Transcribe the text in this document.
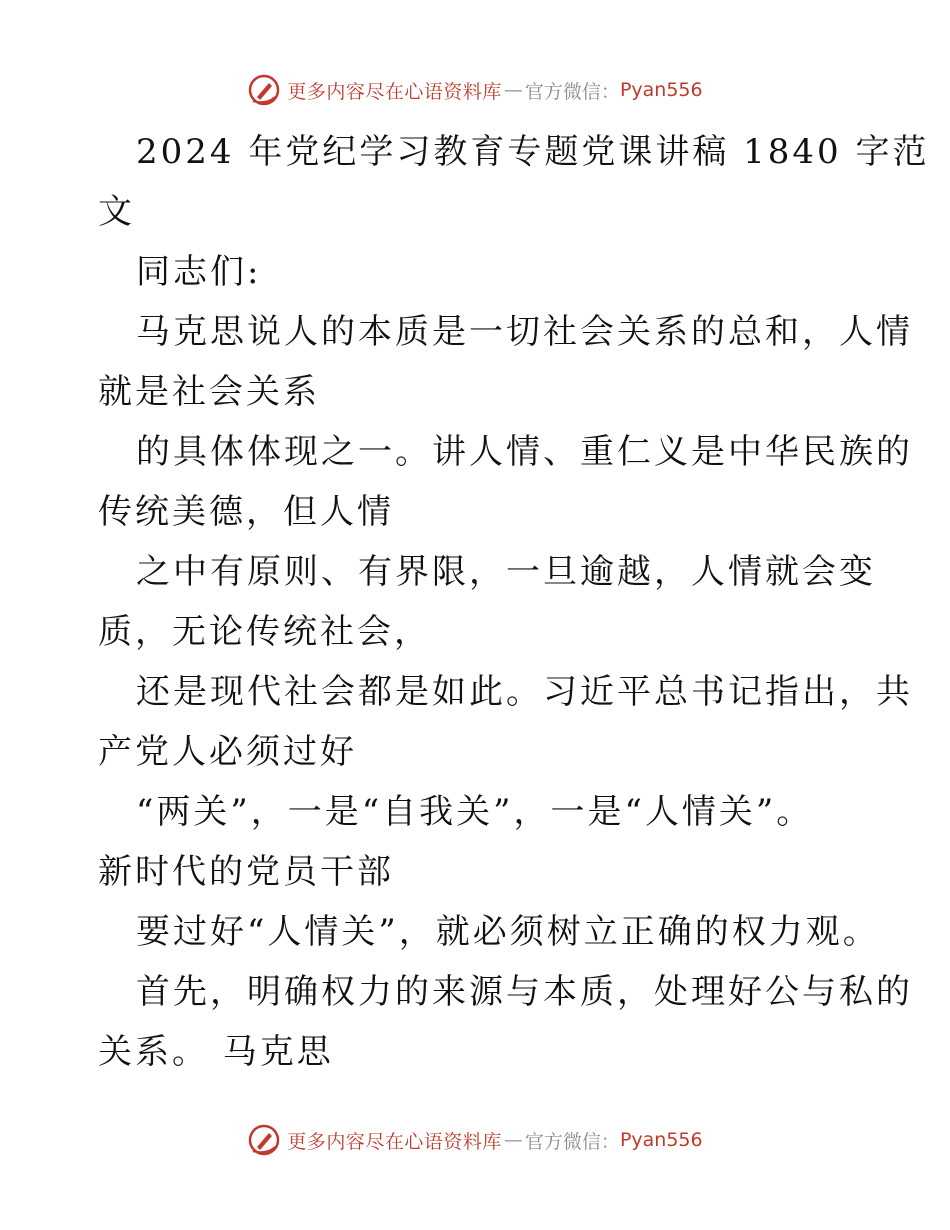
更多内容尽在心语资料库 — 官方微信： Pyan556
2024 年党纪学习教育专题党课讲稿 1840 字范
文
同志们:
马克思说人的本质是一切社会关系的总和，人情
就是社会关系
的具体体现之一。讲人情、重仁义是中华民族的
传统美德，但人情
之中有原则、有界限，一旦逾越，人情就会变
质，无论传统社会，
还是现代社会都是如此。习近平总书记指出，共
产党人必须过好
“两关”，一是“自我关”，一是“人情关”。
新时代的党员干部
要过好“人情关”，就必须树立正确的权力观。
首先，明确权力的来源与本质，处理好公与私的
关系。 马克思
更多内容尽在心语资料库 — 官方微信： Pyan556
